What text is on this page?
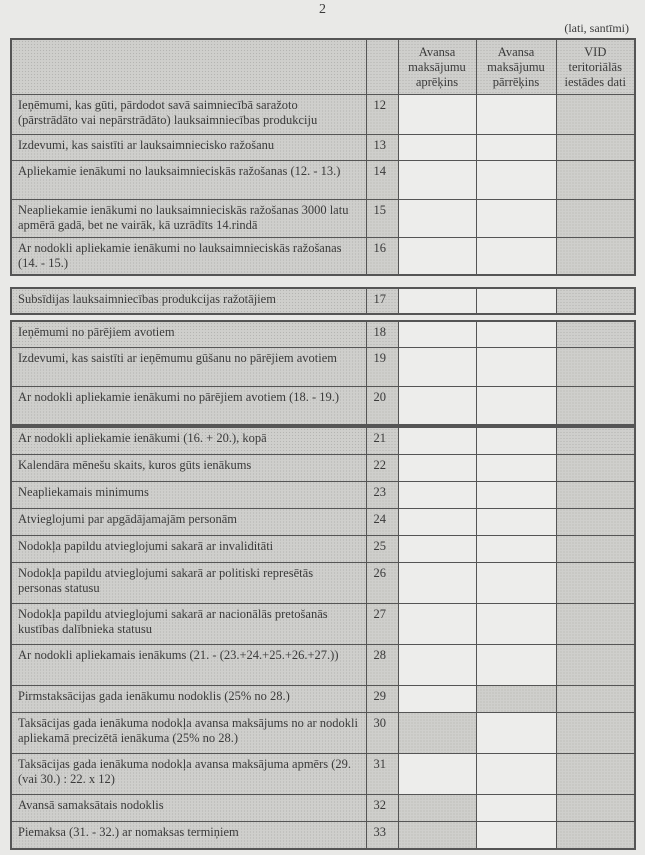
2
(lati, santīmi)
		Avansa maksājumu aprēķins	Avansa maksājumu pārrēķins	VID teritoriālās iestādes dati
Ieņēmumi, kas gūti, pārdodot savā saimniecībā saražoto (pārstrādāto vai nepārstrādāto) lauksaimniecības produkciju	12			
Izdevumi, kas saistīti ar lauksaimniecisko ražošanu	13			
Apliekamie ienākumi no lauksaimnieciskās ražošanas (12. - 13.)	14			
Neapliekamie ienākumi no lauksaimnieciskās ražošanas 3000 latu apmērā gadā, bet ne vairāk, kā uzrādīts 14.rindā	15			
Ar nodokli apliekamie ienākumi no lauksaimnieciskās ražošanas (14. - 15.)	16			
Subsīdijas lauksaimniecības produkcijas ražotājiem	17			
Ieņēmumi no pārējiem avotiem	18			
Izdevumi, kas saistīti ar ieņēmumu gūšanu no pārējiem avotiem	19			
Ar nodokli apliekamie ienākumi no pārējiem avotiem (18. - 19.)	20			
Ar nodokli apliekamie ienākumi (16. + 20.), kopā	21			
Kalendāra mēnešu skaits, kuros gūts ienākums	22			
Neapliekamais minimums	23			
Atvieglojumi par apgādājamajām personām	24			
Nodokļa papildu atvieglojumi sakarā ar invaliditāti	25			
Nodokļa papildu atvieglojumi sakarā ar politiski represētās personas statusu	26			
Nodokļa papildu atvieglojumi sakarā ar nacionālās pretošanās kustības dalībnieka statusu	27			
Ar nodokli apliekamais ienākums (21. - (23.+24.+25.+26.+27.))	28			
Pirmstaksācijas gada ienākumu nodoklis (25% no 28.)	29			
Taksācijas gada ienākuma nodokļa avansa maksājums no ar nodokli apliekamā precizētā ienākuma (25% no 28.)	30			
Taksācijas gada ienākuma nodokļa avansa maksājuma apmērs (29. (vai 30.) : 22. x 12)	31			
Avansā samaksātais nodoklis	32			
Piemaksa (31. - 32.) ar nomaksas termiņiem	33			
